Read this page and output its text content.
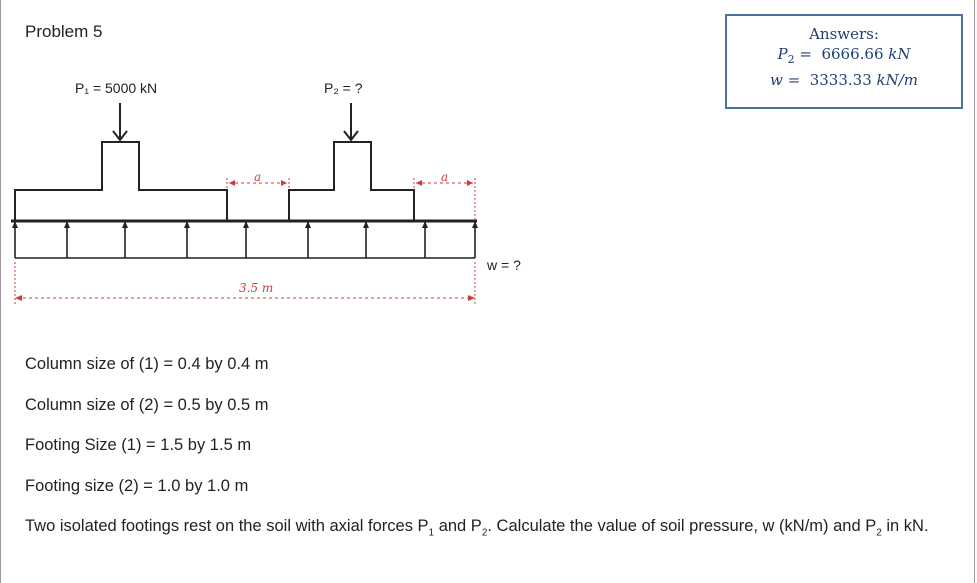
Problem 5	Answers:
$P_2 = 6666.66$ kN
w =  3333.33 kN/m
P₁ = 5000 kN	P₂ = ?
a	a
3.5 m
w = ?
Column size of (1) = 0.4 by 0.4 m
Column size of (2) = 0.5 by 0.5 m
Footing Size (1) = 1.5 by 1.5 m
Footing size (2) = 1.0 by 1.0 m
Two isolated footings rest on the soil with axial forces $P_1$ and $P_2$. Calculate the value of soil pressure, w (kN/m) and $P_2$ in kN.
